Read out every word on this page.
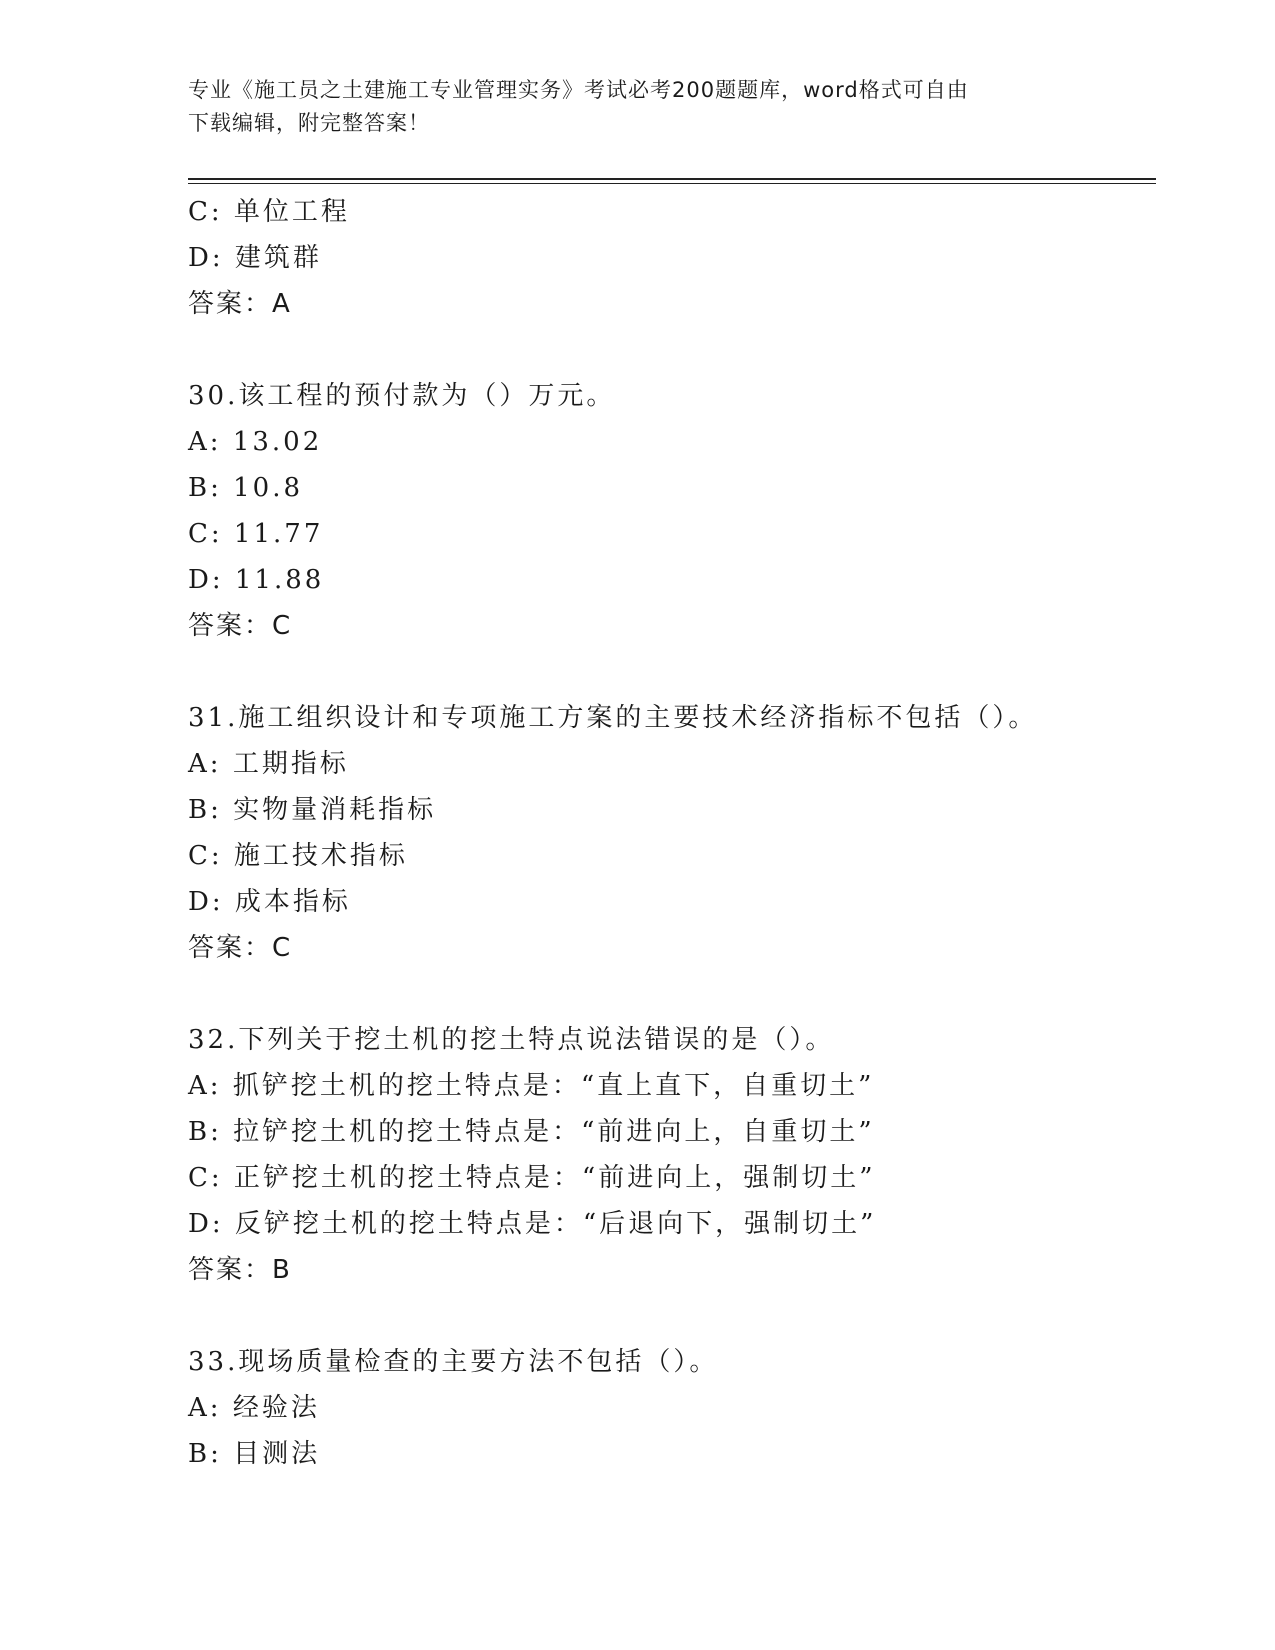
专业《施工员之土建施工专业管理实务》考试必考200题题库，word格式可自由
下载编辑，附完整答案！
C: 单位工程
D: 建筑群
答案：A
30.该工程的预付款为（）万元。
A: 13.02
B: 10.8
C: 11.77
D: 11.88
答案：C
31.施工组织设计和专项施工方案的主要技术经济指标不包括（）。
A: 工期指标
B: 实物量消耗指标
C: 施工技术指标
D: 成本指标
答案：C
32.下列关于挖土机的挖土特点说法错误的是（）。
A: 抓铲挖土机的挖土特点是：“直上直下，自重切土”
B: 拉铲挖土机的挖土特点是：“前进向上，自重切土”
C: 正铲挖土机的挖土特点是：“前进向上，强制切土”
D: 反铲挖土机的挖土特点是：“后退向下，强制切土”
答案：B
33.现场质量检查的主要方法不包括（）。
A: 经验法
B: 目测法
